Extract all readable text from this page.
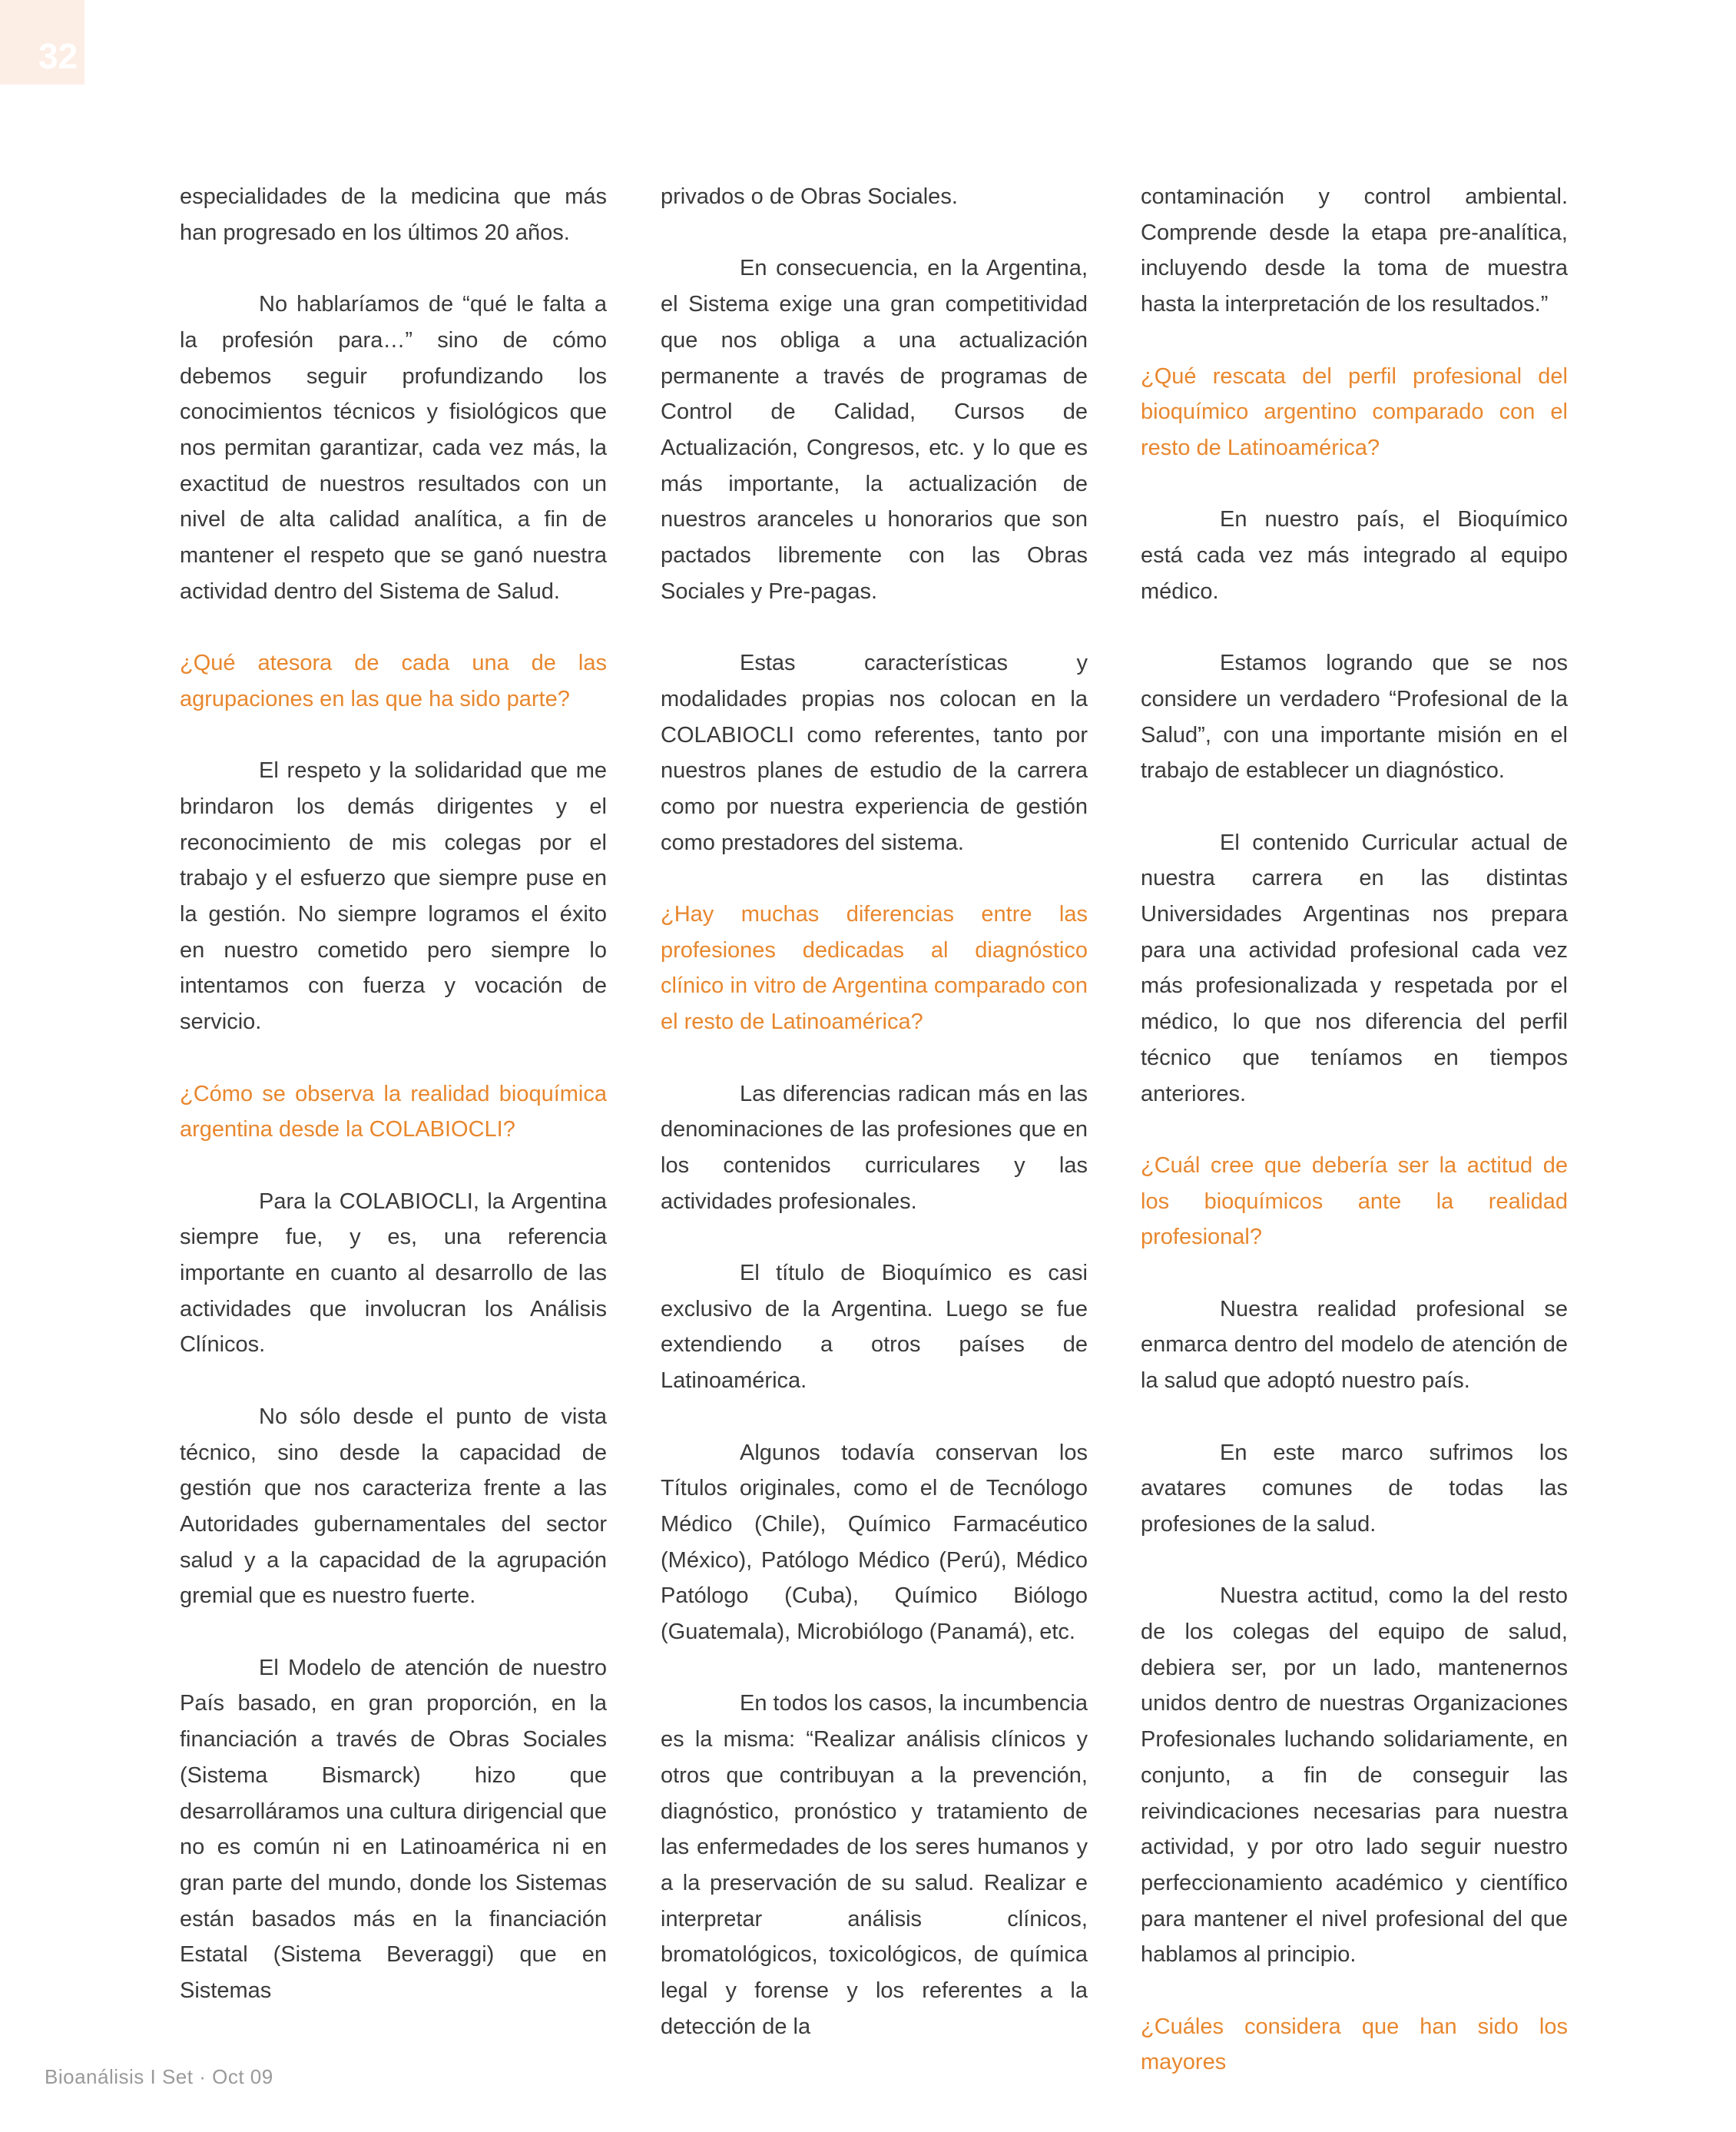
32

especialidades de la medicina que más han progresado en los últimos 20 años.

No hablaríamos de “qué le falta a la profesión para…” sino de cómo debemos seguir profundizando los conocimientos técnicos y fisiológicos que nos permitan garantizar, cada vez más, la exactitud de nuestros resultados con un nivel de alta calidad analítica, a fin de mantener el respeto que se ganó nuestra actividad dentro del Sistema de Salud.

¿Qué atesora de cada una de las agrupaciones en las que ha sido parte?

El respeto y la solidaridad que me brindaron los demás dirigentes y el reconocimiento de mis colegas por el trabajo y el esfuerzo que siempre puse en la gestión. No siempre logramos el éxito en nuestro cometido pero siempre lo intentamos con fuerza y vocación de servicio.

¿Cómo se observa la realidad bioquímica argentina desde la COLABIOCLI?

Para la COLABIOCLI, la Argentina siempre fue, y es, una referencia importante en cuanto al desarrollo de las actividades que involucran los Análisis Clínicos.

No sólo desde el punto de vista técnico, sino desde la capacidad de gestión que nos caracteriza frente a las Autoridades gubernamentales del sector salud y a la capacidad de la agrupación gremial que es nuestro fuerte.

El Modelo de atención de nuestro País basado, en gran proporción, en la financiación a través de Obras Sociales (Sistema Bismarck) hizo que desarrolláramos una cultura dirigencial que no es común ni en Latinoamérica ni en gran parte del mundo, donde los Sistemas están basados más en la financiación Estatal (Sistema Beveraggi) que en Sistemas

privados o de Obras Sociales.

En consecuencia, en la Argentina, el Sistema exige una gran competitividad que nos obliga a una actualización permanente a través de programas de Control de Calidad, Cursos de Actualización, Congresos, etc. y lo que es más importante, la actualización de nuestros aranceles u honorarios que son pactados libremente con las Obras Sociales y Pre-pagas.

Estas características y modalidades propias nos colocan en la COLABIOCLI como referentes, tanto por nuestros planes de estudio de la carrera como por nuestra experiencia de gestión como prestadores del sistema.

¿Hay muchas diferencias entre las profesiones dedicadas al diagnóstico clínico in vitro de Argentina comparado con el resto de Latinoamérica?

Las diferencias radican más en las denominaciones de las profesiones que en los contenidos curriculares y las actividades profesionales.

El título de Bioquímico es casi exclusivo de la Argentina. Luego se fue extendiendo a otros países de Latinoamérica.

Algunos todavía conservan los Títulos originales, como el de Tecnólogo Médico (Chile), Químico Farmacéutico (México), Patólogo Médico (Perú), Médico Patólogo (Cuba), Químico Biólogo (Guatemala), Microbiólogo (Panamá), etc.

En todos los casos, la incumbencia es la misma: “Realizar análisis clínicos y otros que contribuyan a la prevención, diagnóstico, pronóstico y tratamiento de las enfermedades de los seres humanos y a la preservación de su salud. Realizar e interpretar análisis clínicos, bromatológicos, toxicológicos, de química legal y forense y los referentes a la detección de la

contaminación y control ambiental. Comprende desde la etapa pre-analítica, incluyendo desde la toma de muestra hasta la interpretación de los resultados.”

¿Qué rescata del perfil profesional del bioquímico argentino comparado con el resto de Latinoamérica?

En nuestro país, el Bioquímico está cada vez más integrado al equipo médico.

Estamos logrando que se nos considere un verdadero “Profesional de la Salud”, con una importante misión en el trabajo de establecer un diagnóstico.

El contenido Curricular actual de nuestra carrera en las distintas Universidades Argentinas nos prepara para una actividad profesional cada vez más profesionalizada y respetada por el médico, lo que nos diferencia del perfil técnico que teníamos en tiempos anteriores.

¿Cuál cree que debería ser la actitud de los bioquímicos ante la realidad profesional?

Nuestra realidad profesional se enmarca dentro del modelo de atención de la salud que adoptó nuestro país.

En este marco sufrimos los avatares comunes de todas las profesiones de la salud.

Nuestra actitud, como la del resto de los colegas del equipo de salud, debiera ser, por un lado, mantenernos unidos dentro de nuestras Organizaciones Profesionales luchando solidariamente, en conjunto, a fin de conseguir las reivindicaciones necesarias para nuestra actividad, y por otro lado seguir nuestro perfeccionamiento académico y científico para mantener el nivel profesional del que hablamos al principio.

¿Cuáles considera que han sido los mayores

Bioanálisis I Set · Oct 09
